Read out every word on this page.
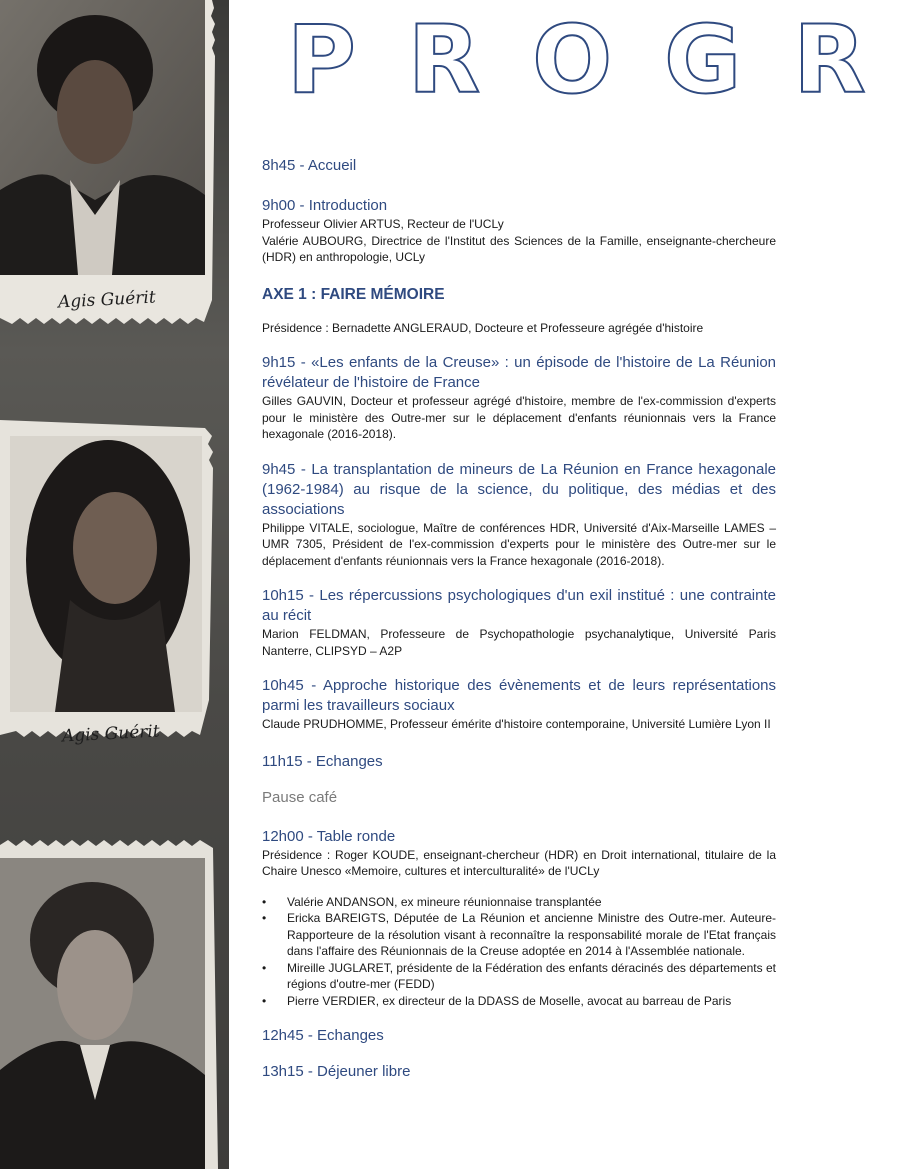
Agis Guérit
Agis Guérit
PROGR
8h45 - Accueil
9h00 - Introduction

Professeur Olivier ARTUS, Recteur de l'UCLy

Valérie AUBOURG, Directrice de l'Institut des Sciences de la Famille, enseignante-chercheure (HDR) en anthropologie, UCLy

AXE 1 : FAIRE MÉMOIRE
Présidence : Bernadette ANGLERAUD, Docteure et Professeure agrégée d'histoire
9h15 - «Les enfants de la Creuse» : un épisode de l'histoire de La Réunion révélateur de l'histoire de France
Gilles GAUVIN, Docteur et professeur agrégé d'histoire, membre de l'ex-commission d'experts pour le ministère des Outre-mer sur le déplacement d'enfants réunionnais vers la France hexagonale (2016-2018).
9h45 - La transplantation de mineurs de La Réunion en France hexagonale (1962-1984) au risque de la science, du politique, des médias et des associations
Philippe VITALE, sociologue, Maître de conférences HDR, Université d'Aix-Marseille LAMES – UMR 7305, Président de l'ex-commission d'experts pour le ministère des Outre-mer sur le déplacement d'enfants réunionnais vers la France hexagonale (2016-2018).
10h15 - Les répercussions psychologiques d'un exil institué : une contrainte au récit
Marion FELDMAN, Professeure de Psychopathologie psychanalytique, Université Paris Nanterre, CLIPSYD – A2P
10h45 - Approche historique des évènements et de leurs représentations parmi les travailleurs sociaux
Claude PRUDHOMME, Professeur émérite d'histoire contemporaine, Université Lumière Lyon II
11h15 - Echanges
Pause café
12h00 - Table ronde
Présidence : Roger KOUDE, enseignant-chercheur (HDR) en Droit international, titulaire de la Chaire Unesco «Memoire, cultures et interculturalité» de l'UCLy
• Valérie ANDANSON, ex mineure réunionnaise transplantée
• Ericka BAREIGTS, Députée de La Réunion et ancienne Ministre des Outre-mer. Auteure-Rapporteure de la résolution visant à reconnaître la responsabilité morale de l'Etat français dans l'affaire des Réunionnais de la Creuse adoptée en 2014 à l'Assemblée nationale.
• Mireille JUGLARET, présidente de la Fédération des enfants déracinés des départements et régions d'outre-mer (FEDD)
• Pierre VERDIER, ex directeur de la DDASS de Moselle, avocat au barreau de Paris
12h45 - Echanges
13h15 - Déjeuner libre
